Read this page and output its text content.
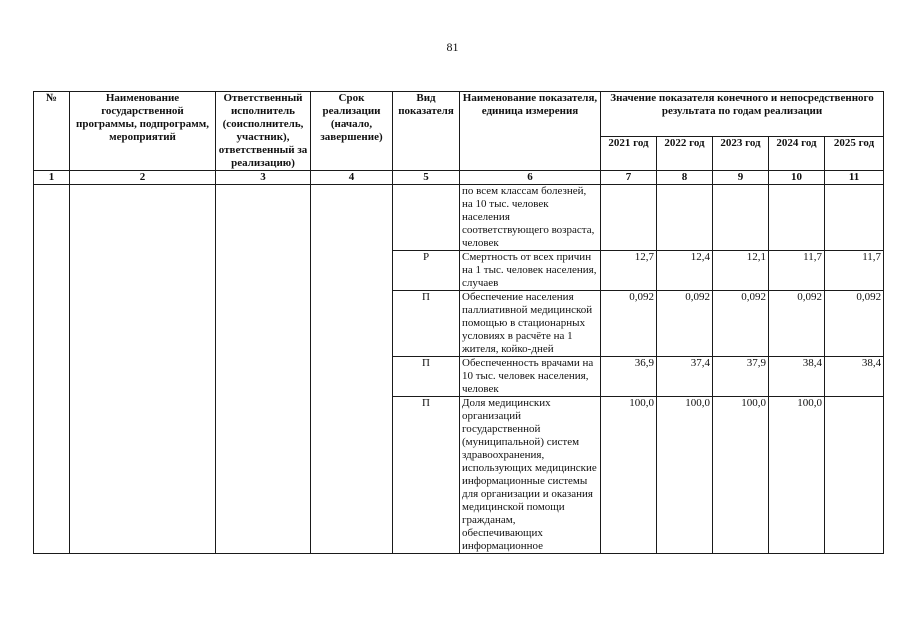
81
№	Наименование государственной программы, подпрограмм, мероприятий	Ответственный исполнитель (соисполнитель, участник), ответственный за реализацию)	Срок реализации (начало, завершение)	Вид показателя	Наименование показателя, единица измерения	Значение показателя конечного и непосредственного результата по годам реализации				
						2021 год	2022 год	2023 год	2024 год	2025 год
1	2	3	4	5	6	7	8	9	10	11
					по всем классам болезней, на 10 тыс. человек населения соответствующего возраста, человек					
				Р	Смертность от всех причин на 1 тыс. человек населения, случаев	12,7	12,4	12,1	11,7	11,7
				П	Обеспечение населения паллиативной медицинской помощью в стационарных условиях в расчёте на 1 жителя, койко-дней	0,092	0,092	0,092	0,092	0,092
				П	Обеспеченность врачами на 10 тыс. человек населения, человек	36,9	37,4	37,9	38,4	38,4
				П	Доля медицинских организаций государственной (муниципальной) систем здравоохранения, использующих медицинские информационные системы для организации и оказания медицинской помощи гражданам, обеспечивающих информационное	100,0	100,0	100,0	100,0	
